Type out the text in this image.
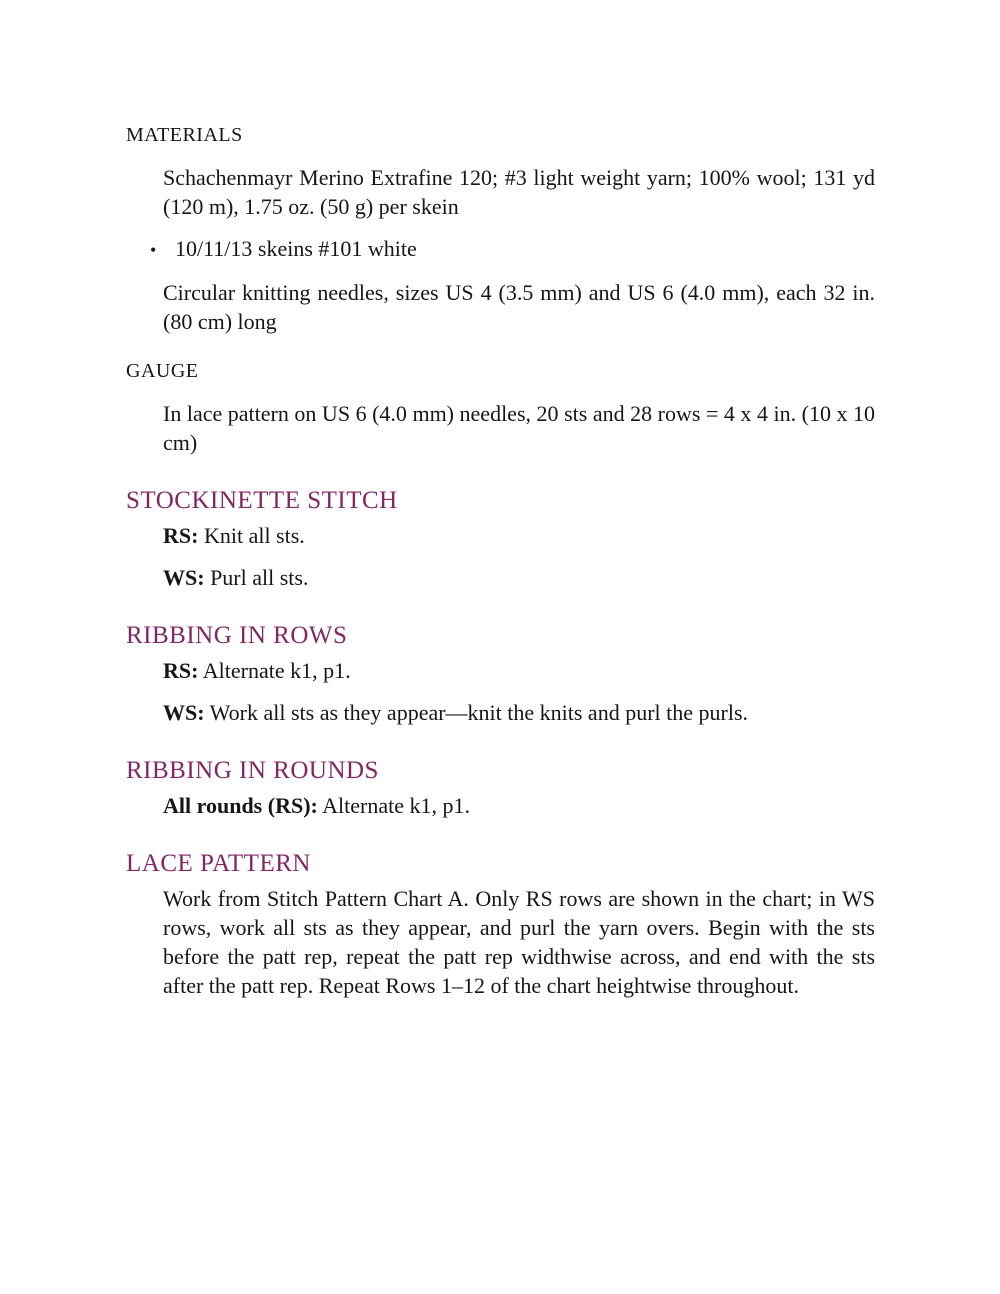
MATERIALS

Schachenmayr Merino Extrafine 120; #3 light weight yarn; 100% wool; 131 yd (120 m), 1.75 oz. (50 g) per skein

• 10/11/13 skeins #101 white

Circular knitting needles, sizes US 4 (3.5 mm) and US 6 (4.0 mm), each 32 in. (80 cm) long

GAUGE

In lace pattern on US 6 (4.0 mm) needles, 20 sts and 28 rows = 4 x 4 in. (10 x 10 cm)

STOCKINETTE STITCH

RS: Knit all sts.

WS: Purl all sts.

RIBBING IN ROWS

RS: Alternate k1, p1.

WS: Work all sts as they appear—knit the knits and purl the purls.

RIBBING IN ROUNDS

All rounds (RS): Alternate k1, p1.

LACE PATTERN

Work from Stitch Pattern Chart A. Only RS rows are shown in the chart; in WS rows, work all sts as they appear, and purl the yarn overs. Begin with the sts before the patt rep, repeat the patt rep widthwise across, and end with the sts after the patt rep. Repeat Rows 1–12 of the chart heightwise throughout.
